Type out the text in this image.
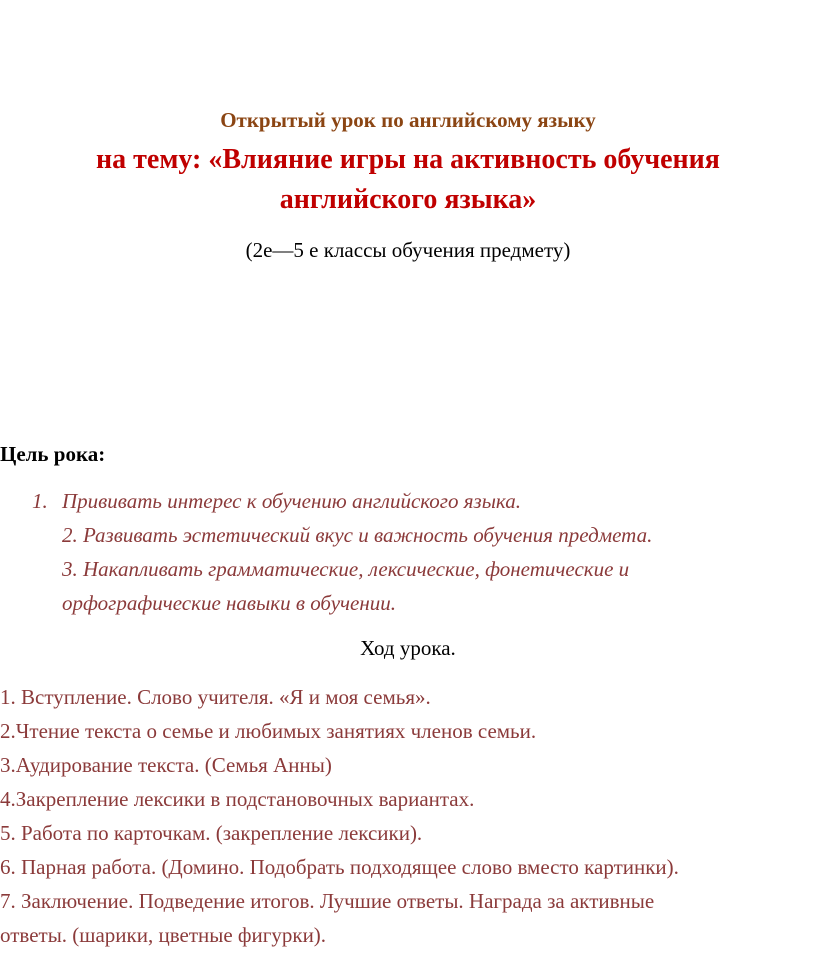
Открытый урок по английскому языку
на тему: «Влияние игры на активность обучения
английского языка»
(2е—5 е классы обучения предмету)
Цель рока:
1. Прививать интерес к обучению английского языка.
2. Развивать эстетический вкус и важность обучения предмета.
3. Накапливать грамматические, лексические, фонетические и
орфографические навыки в обучении.
Ход урока.
1. Вступление. Слово учителя. «Я и моя семья».
2.Чтение текста о семье и любимых занятиях членов семьи.
3.Аудирование текста. (Семья Анны)
4.Закрепление лексики в подстановочных вариантах.
5. Работа по карточкам. (закрепление лексики).
6. Парная работа. (Домино. Подобрать подходящее слово вместо картинки).
7. Заключение. Подведение итогов. Лучшие ответы. Награда за активные
ответы. (шарики, цветные фигурки).
